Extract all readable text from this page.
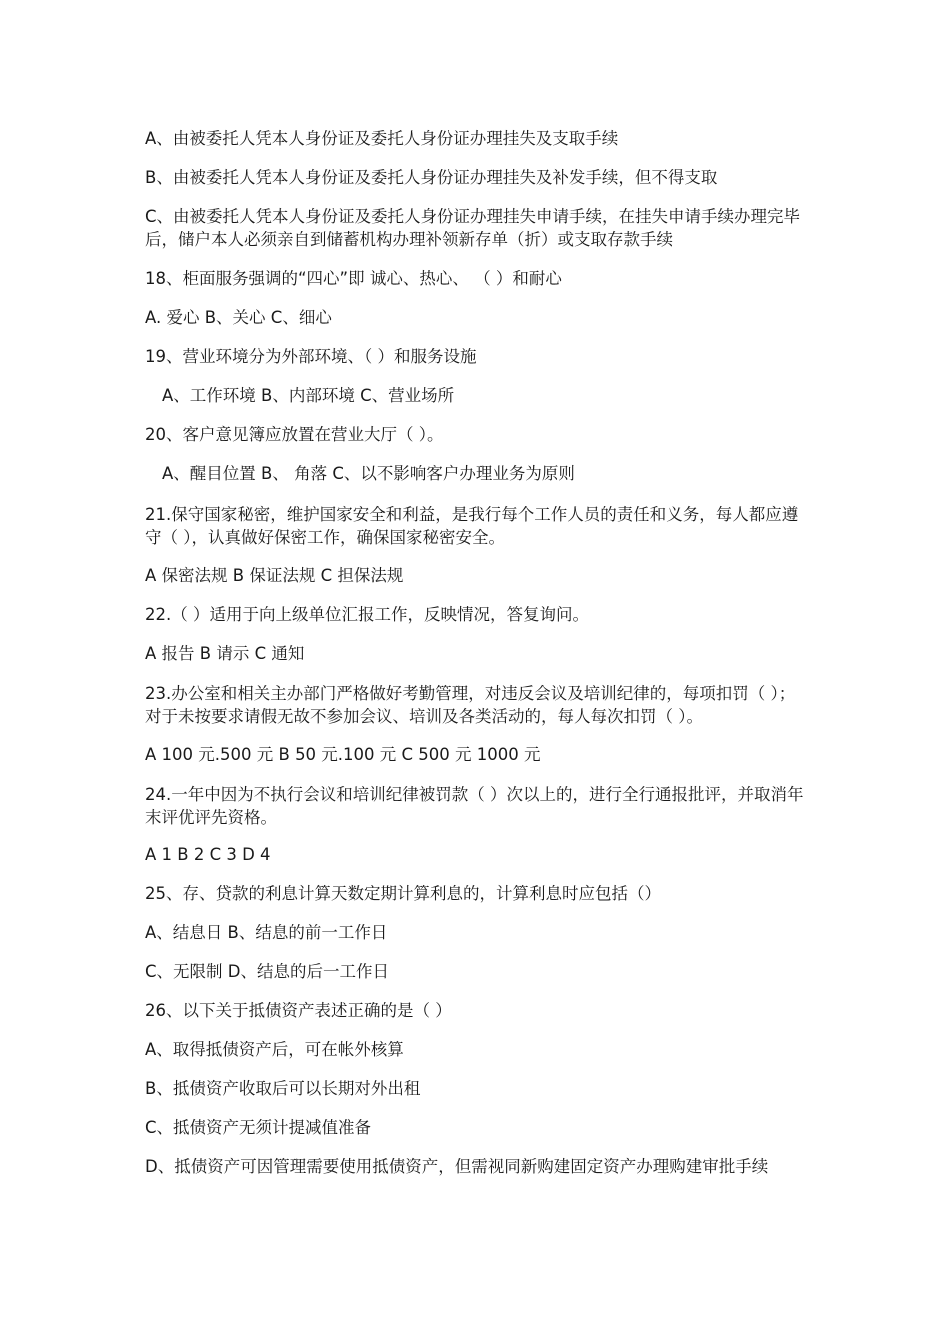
A、由被委托人凭本人身份证及委托人身份证办理挂失及支取手续
B、由被委托人凭本人身份证及委托人身份证办理挂失及补发手续，但不得支取
C、由被委托人凭本人身份证及委托人身份证办理挂失申请手续，在挂失申请手续办理完毕后，储户本人必须亲自到储蓄机构办理补领新存单（折）或支取存款手续
18、柜面服务强调的“四心”即 诚心、热心、 （ ）和耐心
A. 爱心 B、关心 C、细心
19、营业环境分为外部环境、（ ）和服务设施
A、工作环境 B、内部环境 C、营业场所
20、客户意见簿应放置在营业大厅（ ）。
A、醒目位置 B、 角落 C、以不影响客户办理业务为原则
21.保守国家秘密，维护国家安全和利益，是我行每个工作人员的责任和义务，每人都应遵守（ ），认真做好保密工作，确保国家秘密安全。
A 保密法规 B 保证法规 C 担保法规
22.（ ）适用于向上级单位汇报工作，反映情况，答复询问。
A 报告 B 请示 C 通知
23.办公室和相关主办部门严格做好考勤管理，对违反会议及培训纪律的，每项扣罚（ ）；对于未按要求请假无故不参加会议、培训及各类活动的，每人每次扣罚（ ）。
A 100 元.500 元 B 50 元.100 元 C 500 元 1000 元
24.一年中因为不执行会议和培训纪律被罚款（ ）次以上的，进行全行通报批评，并取消年末评优评先资格。
A 1 B 2 C 3 D 4
25、存、贷款的利息计算天数定期计算利息的，计算利息时应包括（）
A、结息日 B、结息的前一工作日
C、无限制 D、结息的后一工作日
26、以下关于抵债资产表述正确的是（ ）
A、取得抵债资产后，可在帐外核算
B、抵债资产收取后可以长期对外出租
C、抵债资产无须计提减值准备
D、抵债资产可因管理需要使用抵债资产，但需视同新购建固定资产办理购建审批手续
